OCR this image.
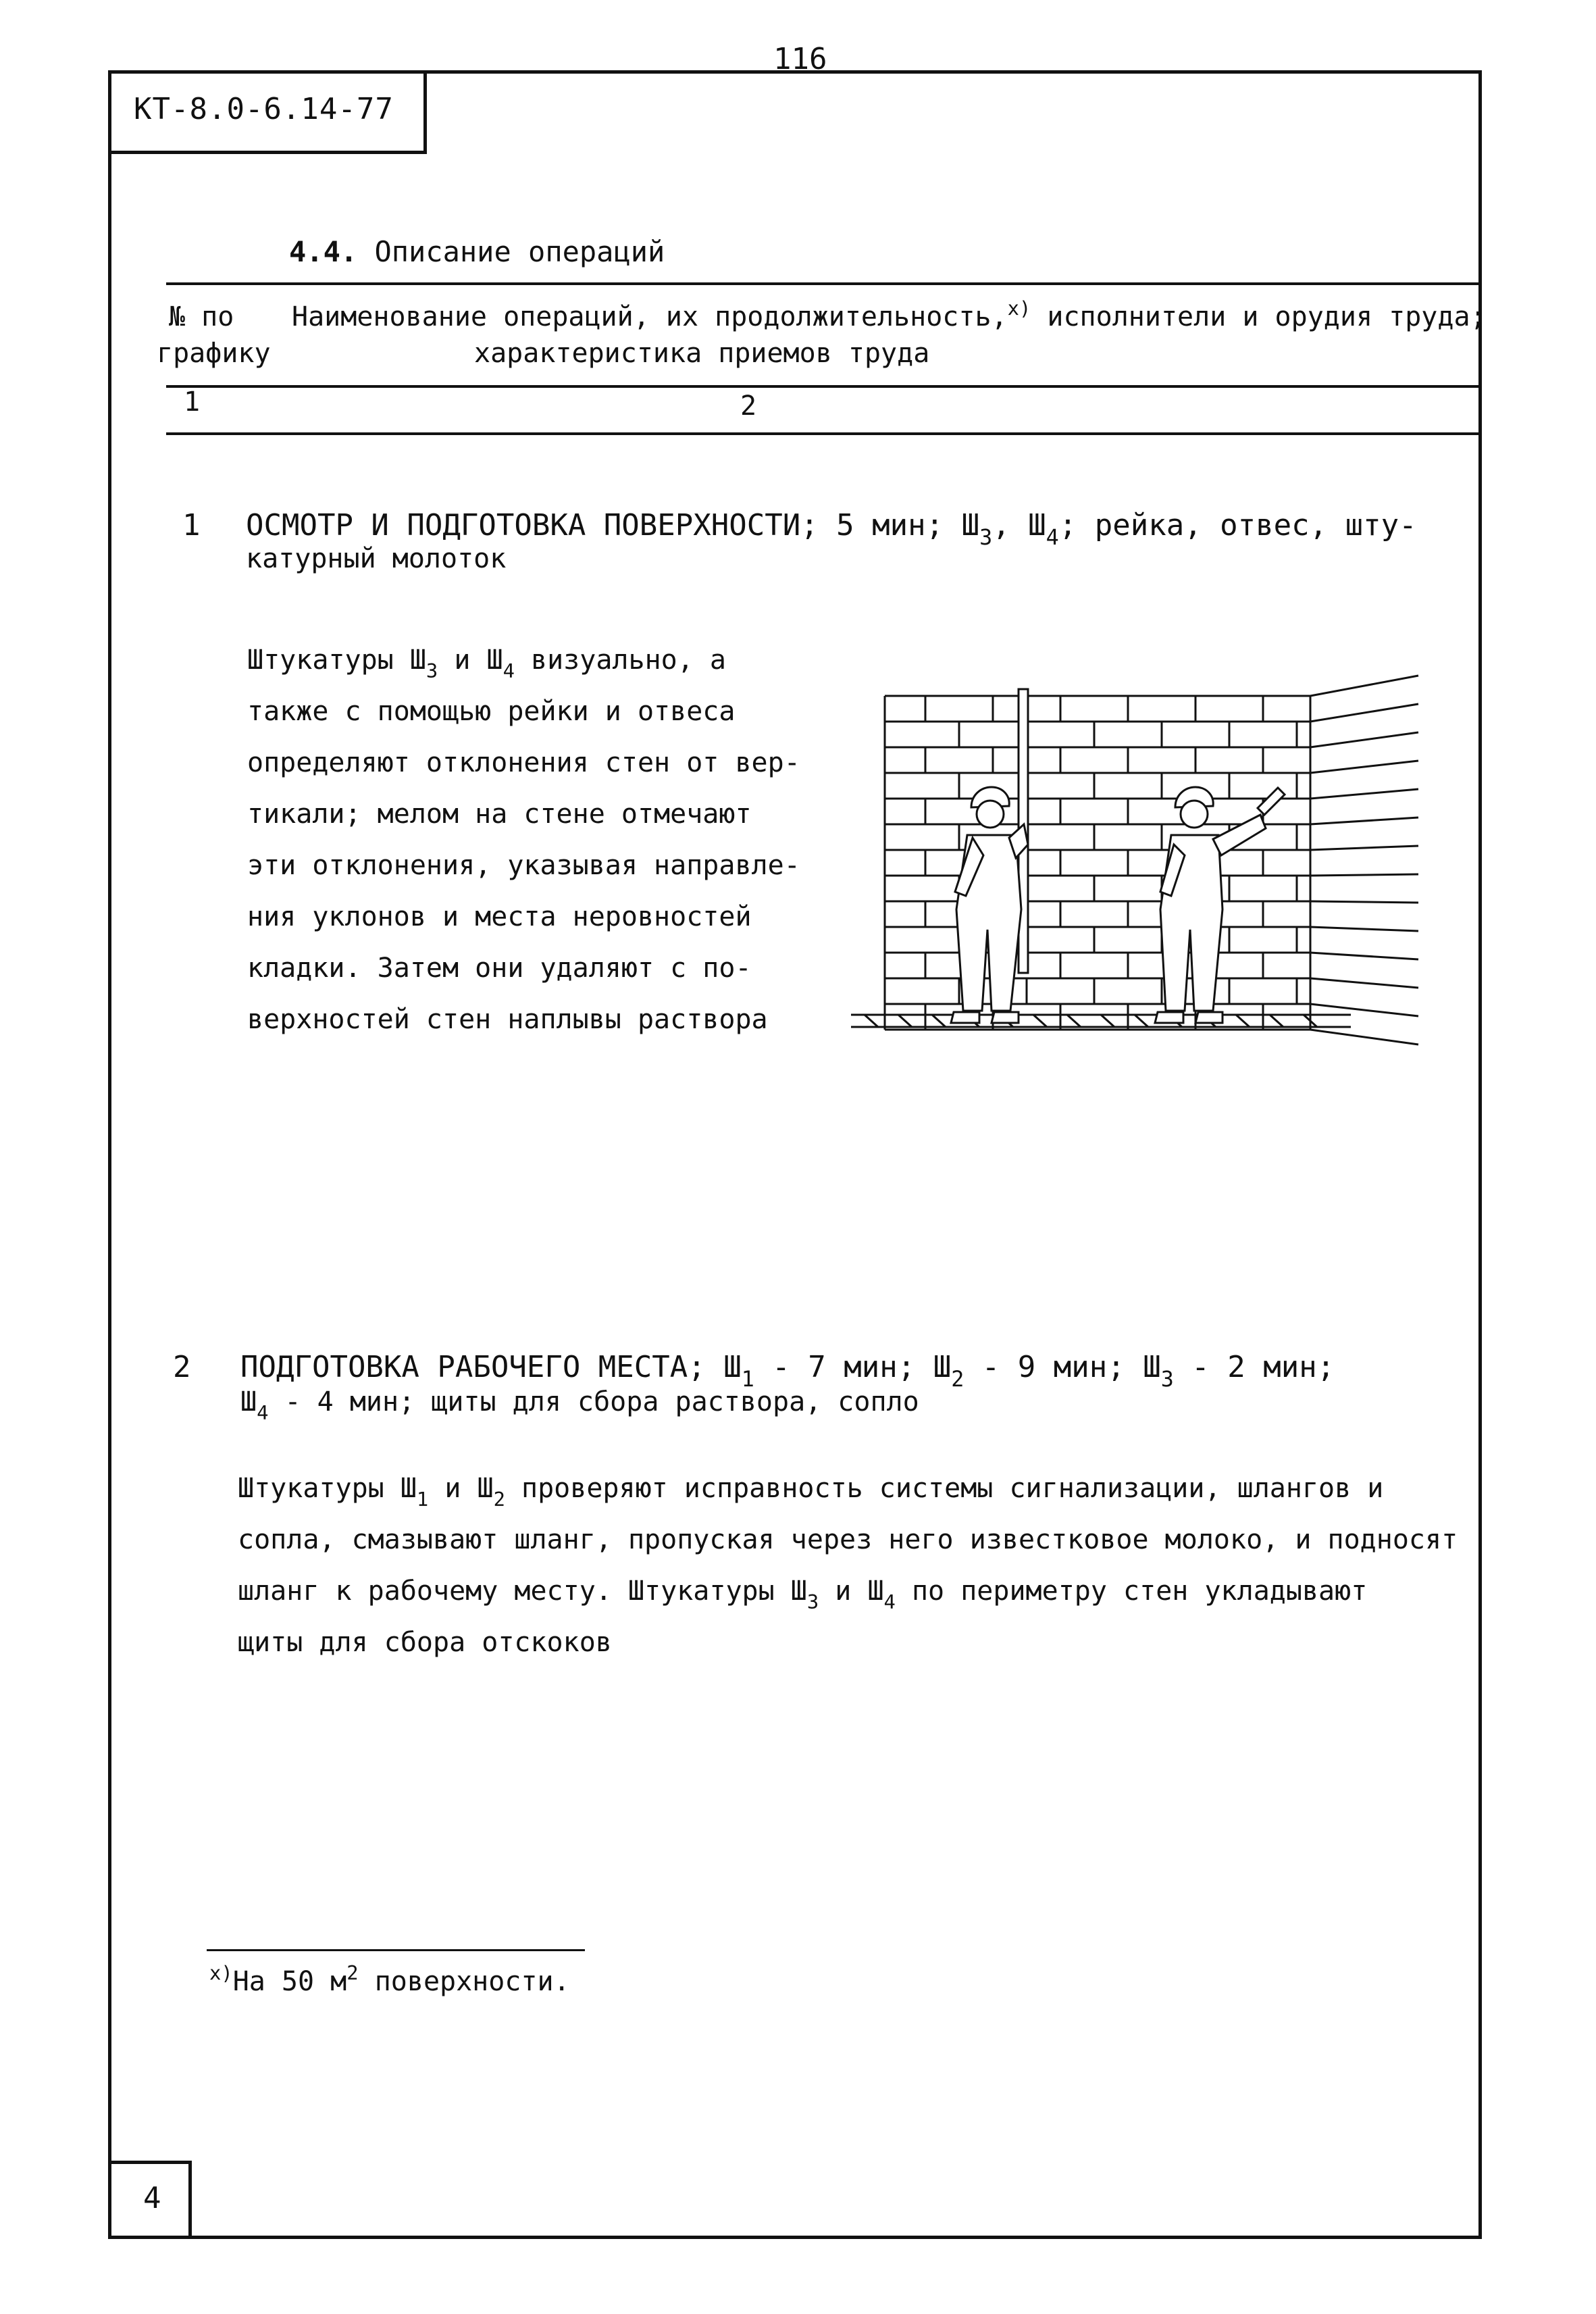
116
КТ-8.0-6.14-77
4.4. Описание операций
№ по
графику
Наименование операций, их продолжительность,$^{x)}$ исполнители и орудия труда;
характеристика приемов труда
1	2
1 ОСМОТР И ПОДГОТОВКА ПОВЕРХНОСТИ; 5 мин; $Ш_3$, $Ш_4$; рейка, отвес, шту-
катурный молоток
Штукатуры $Ш_3$ и $Ш_4$ визуально, а
также с помощью рейки и отвеса
определяют отклонения стен от вер-
тикали; мелом на стене отмечают
эти отклонения, указывая направле-
ния уклонов и места неровностей
кладки. Затем они удаляют с по-
верхностей стен наплывы раствора
2 ПОДГОТОВКА РАБОЧЕГО МЕСТА; $Ш_1 - 7$ мин; $Ш_2 - 9$ мин; $Ш_3 - 2$ мин;
$Ш_4 - 4$ мин; щиты для сбора раствора, сопло
Штукатуры $Ш_1$ и $Ш_2$ проверяют исправность системы сигнализации, шлангов и
сопла, смазывают шланг, пропуская через него известковое молоко, и подносят
шланг к рабочему месту. Штукатуры $Ш_3$ и $Ш_4$ по периметру стен укладывают
щиты для сбора отскоков
$^{x)}$На 50 $м^2$ поверхности.
4
